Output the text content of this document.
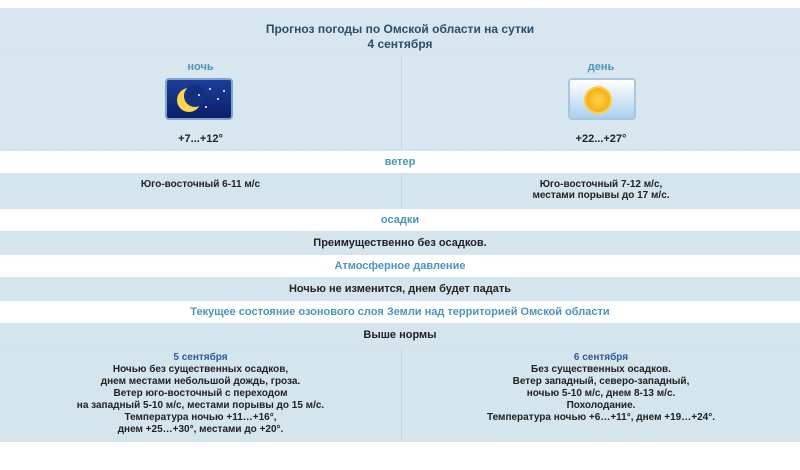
Прогноз погоды по Омской области на сутки
4 сентября
ночь
+7...+12°
день
+22...+27°
ветер
Юго-восточный 6-11 м/с	Юго-восточный 7-12 м/с,
местами порывы до 17 м/с.
осадки
Преимущественно без осадков.
Атмосферное давление
Ночью не изменится, днем будет падать
Текущее состояние озонового слоя Земли над территорией Омской области
Выше нормы
5 сентября
Ночью без существенных осадков,
днем местами небольшой дождь, гроза.
Ветер юго-восточный с переходом
на западный 5-10 м/с, местами порывы до 15 м/с.
Температура ночью +11…+16°,
днем +25…+30°, местами до +20°.
6 сентября
Без существенных осадков.
Ветер западный, северо-западный,
ночью 5-10 м/с, днем 8-13 м/с.
Похолодание.
Температура ночью +6…+11°, днем +19…+24°.
